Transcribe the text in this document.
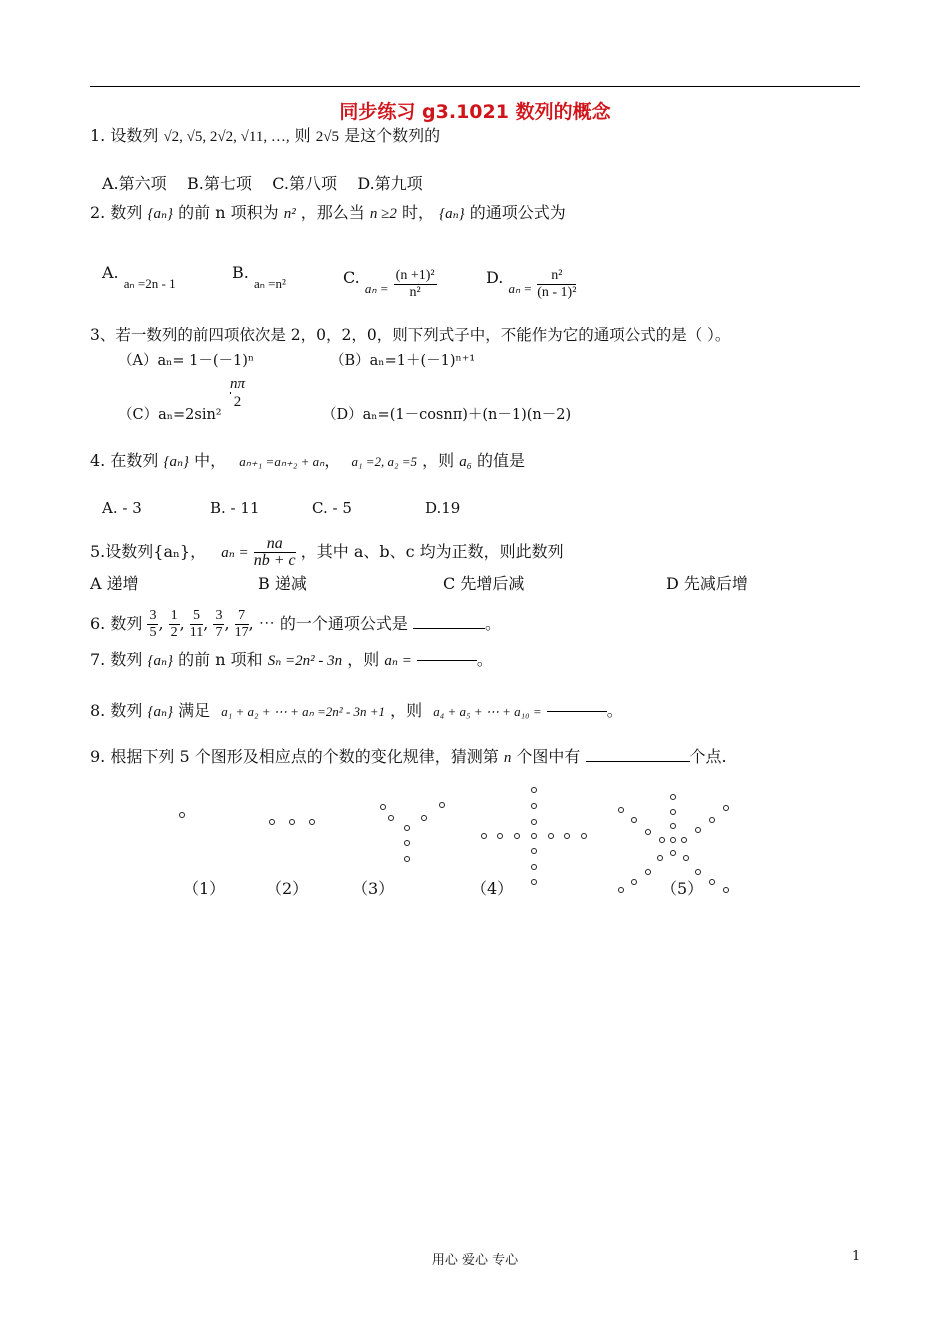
同步练习 g3.1021 数列的概念
1. 设数列 √2, √5, 2√2, √11, …, 则 2√5 是这个数列的
A.第六项 B.第七项 C.第八项 D.第九项
2. 数列 {aₙ} 的前 n 项积为 n² ，那么当 n ≥2 时， {aₙ} 的通项公式为
A. $_{a_n =2n - 1}$
B. $_{a_n =n^2}$	C. $_{a_n =} \frac{\text{(n +1)²}}{\text{n²}}$	D. $_{a_n =} \frac{\text{n²}}{\text{(n - 1)²}}$
3、若一数列的前四项依次是 2，0，2，0，则下列式子中，不能作为它的通项公式的是（ ）。
（A）aₙ= 1－(－1)ⁿ	（B）aₙ=1＋(－1)ⁿ⁺¹
（C）aₙ=2sin²
nπ
2
（D）aₙ=(1－cosnπ)＋(n－1)(n－2)
4. 在数列 {aₙ} 中， aₙ₊₁ =aₙ₊₂ + aₙ， a₁ =2, a₂ =5 ，则 a₆ 的值是
A. - 3	B. - 11	C. - 5	D.19
5.设数列{aₙ}， $a_n = \frac{na}{nb + c}$ ，其中 a、b、c 均为正数，则此数列
A 递增	B 递减	C 先增后减	D 先减后增
6. 数列 $\frac{3}{5}$ , $\frac{1}{2}$ , $\frac{5}{11}$ , $\frac{3}{7}$ , $\frac{7}{17}$ , ⋯ 的一个通项公式是	。
7. 数列 {aₙ} 的前 n 项和 Sₙ =2n² - 3n ，则 aₙ =	。
8. 数列 {aₙ} 满足 a₁ + a₂ + ⋯ + aₙ =2n² - 3n +1 ，则 a₄ + a₅ + ⋯ + a₁₀ =	。
9. 根据下列 5 个图形及相应点的个数的变化规律，猜测第 n 个图中有	个点.
（1）	（2）	（3）	（4）	（5）
用心 爱心 专心	1
